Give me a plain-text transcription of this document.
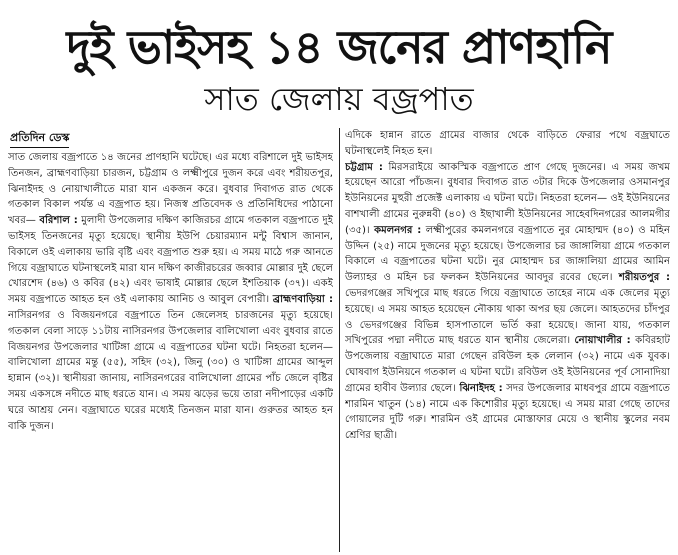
দুই ভাইসহ ১৪ জনের প্রাণহানি
সাত জেলায় বজ্রপাত
প্রতিদিন ডেস্ক

সাত জেলায় বজ্রপাতে ১৪ জনের প্রাণহানি ঘটেছে। এর মধ্যে বরিশালে দুই ভাইসহ তিনজন, ব্রাহ্মণবাড়িয়া চারজন, চট্টগ্রাম ও লক্ষ্মীপুরে দুজন করে এবং শরীয়তপুর, ঝিনাইদহ ও নোয়াখালীতে মারা যান একজন করে। বুধবার দিবাগত রাত থেকে গতকাল বিকাল পর্যন্ত এ বজ্রপাত হয়। নিজস্ব প্রতিবেদক ও প্রতিনিধিদের পাঠানো খবর— বরিশাল : মুলাদী উপজেলার দক্ষিণ কাজিরচর গ্রামে গতকাল বজ্রপাতে দুই ভাইসহ তিনজনের মৃত্যু হয়েছে। স্থানীয় ইউপি চেয়ারম্যান মন্টু বিশ্বাস জানান, বিকালে ওই এলাকায় ভারি বৃষ্টি এবং বজ্রপাত শুরু হয়। এ সময় মাঠে গরু আনতে গিয়ে বজ্রাঘাতে ঘটনাস্থলেই মারা যান দক্ষিণ কাজীরচরের জব্বার মোল্লার দুই ছেলে খোরশেদ (৪৬) ও কবির (৪২) এবং ভাষাই মোল্লার ছেলে ইশতিয়াক (৩৭)। একই সময় বজ্রপাতে আহত হন ওই এলাকায় আনিচ ও আবুল বেপারী। ব্রাহ্মণবাড়িয়া : নাসিরনগর ও বিজয়নগরে বজ্রপাতে তিন জেলেসহ চারজনের মৃত্যু হয়েছে। গতকাল বেলা সাড়ে ১১টায় নাসিরনগর উপজেলার বালিখোলা এবং বুধবার রাতে বিজয়নগর উপজেলার খাটিঙ্গা গ্রামে এ বজ্রপাতের ঘটনা ঘটে। নিহতরা হলেন— বালিখোলা গ্রামের মন্তু (৫৫), সহিদ (৩২), জিনু (৩০) ও খাটিঙ্গা গ্রামের আব্দুল হান্নান (৩২)। স্থানীয়রা জানায়, নাসিরনগরের বালিখোলা গ্রামের পাঁচ জেলে বৃষ্টির সময় একসঙ্গে নদীতে মাছ ধরতে যান। এ সময় ঝড়ের ভয়ে তারা নদীপাড়ের একটি ঘরে আশ্রয় নেন। বজ্রাঘাতে ঘরের মধ্যেই তিনজন মারা যান। গুরুতর আহত হন বাকি দুজন।

এদিকে হান্নান রাতে গ্রামের বাজার থেকে বাড়িতে ফেরার পথে বজ্রঘাতে ঘটনাস্থলেই নিহত হন।

চট্টগ্রাম : মিরসরাইয়ে আকস্মিক বজ্রপাতে প্রাণ গেছে দুজনের। এ সময় জখম হয়েছেন আরো পাঁচজন। বুধবার দিবাগত রাত ৩টার দিকে উপজেলার ওসমানপুর ইউনিয়নের মুহুরী প্রজেক্ট এলাকায় এ ঘটনা ঘটে। নিহতরা হলেন— ওই ইউনিয়নের বাশখালী গ্রামের নুরুন্নবী (৪০) ও ইছাখালী ইউনিয়নের সাহেবদিনগরের আলমগীর (৩৫)। কমলনগর : লক্ষ্মীপুরের কমলনগরে বজ্রপাতে নুর মোহাম্মদ (৪০) ও মহিন উদ্দিন (২৫) নামে দুজনের মৃত্যু হয়েছে। উপজেলার চর জাঙ্গালিয়া গ্রামে গতকাল বিকালে এ বজ্রপাতের ঘটনা ঘটে। নুর মোহাম্মদ চর জাঙ্গালিয়া গ্রামের আমিন উল্যাহর ও মহিন চর ফলকন ইউনিয়নের আবদুর রবের ছেলে। শরীয়তপুর : ভেদরগঞ্জের সখিপুরে মাছ ধরতে গিয়ে বজ্রাঘাতে তাহের নামে এক জেলের মৃত্যু হয়েছে। এ সময় আহত হয়েছেন নৌকায় থাকা অপর ছয় জেলে। আহতদের চাঁদপুর ও ভেদরগঞ্জের বিভিন্ন হাসপাতালে ভর্তি করা হয়েছে। জানা যায়, গতকাল সখিপুরের পদ্মা নদীতে মাছ ধরতে যান স্থানীয় জেলেরা। নোয়াখালীর : কবিরহাট উপজেলায় বজ্রাঘাতে মারা গেছেন রবিউল হক লেলান (৩২) নামে এক যুবক। ঘোষবাগ ইউনিয়নে গতকাল এ ঘটনা ঘটে। রবিউল ওই ইউনিয়নের পূর্ব সোনাদিয়া গ্রামের হাবীব উল্যার ছেলে। ঝিনাইদহ : সদর উপজেলার মাধবপুর গ্রামে বজ্রপাতে শারমিন খাতুন (১৪) নামে এক কিশোরীর মৃত্যু হয়েছে। এ সময় মারা গেছে তাদের গোয়ালের দুটি গরু। শারমিন ওই গ্রামের মোস্তাফার মেয়ে ও স্থানীয় স্কুলের নবম শ্রেণির ছাত্রী।
